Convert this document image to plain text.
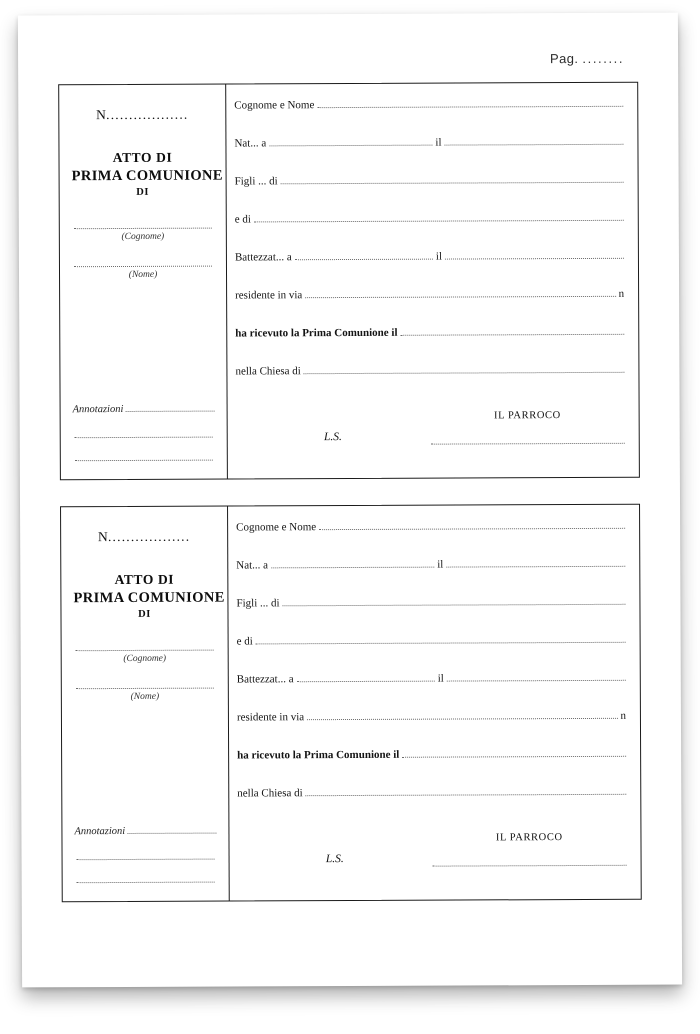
Pag. ........
N..................
ATTO DI
PRIMA COMUNIONE
DI
(Cognome)
(Nome)
Annotazioni
Cognome e Nome
Nat... a	il
Figli ... di
e di
Battezzat... a	il
residente in via	n
ha ricevuto la Prima Comunione il
nella Chiesa di
L.S.
IL PARROCO
N..................
ATTO DI
PRIMA COMUNIONE
DI
(Cognome)
(Nome)
Annotazioni
Cognome e Nome
Nat... a	il
Figli ... di
e di
Battezzat... a	il
residente in via	n
ha ricevuto la Prima Comunione il
nella Chiesa di
L.S.
IL PARROCO
